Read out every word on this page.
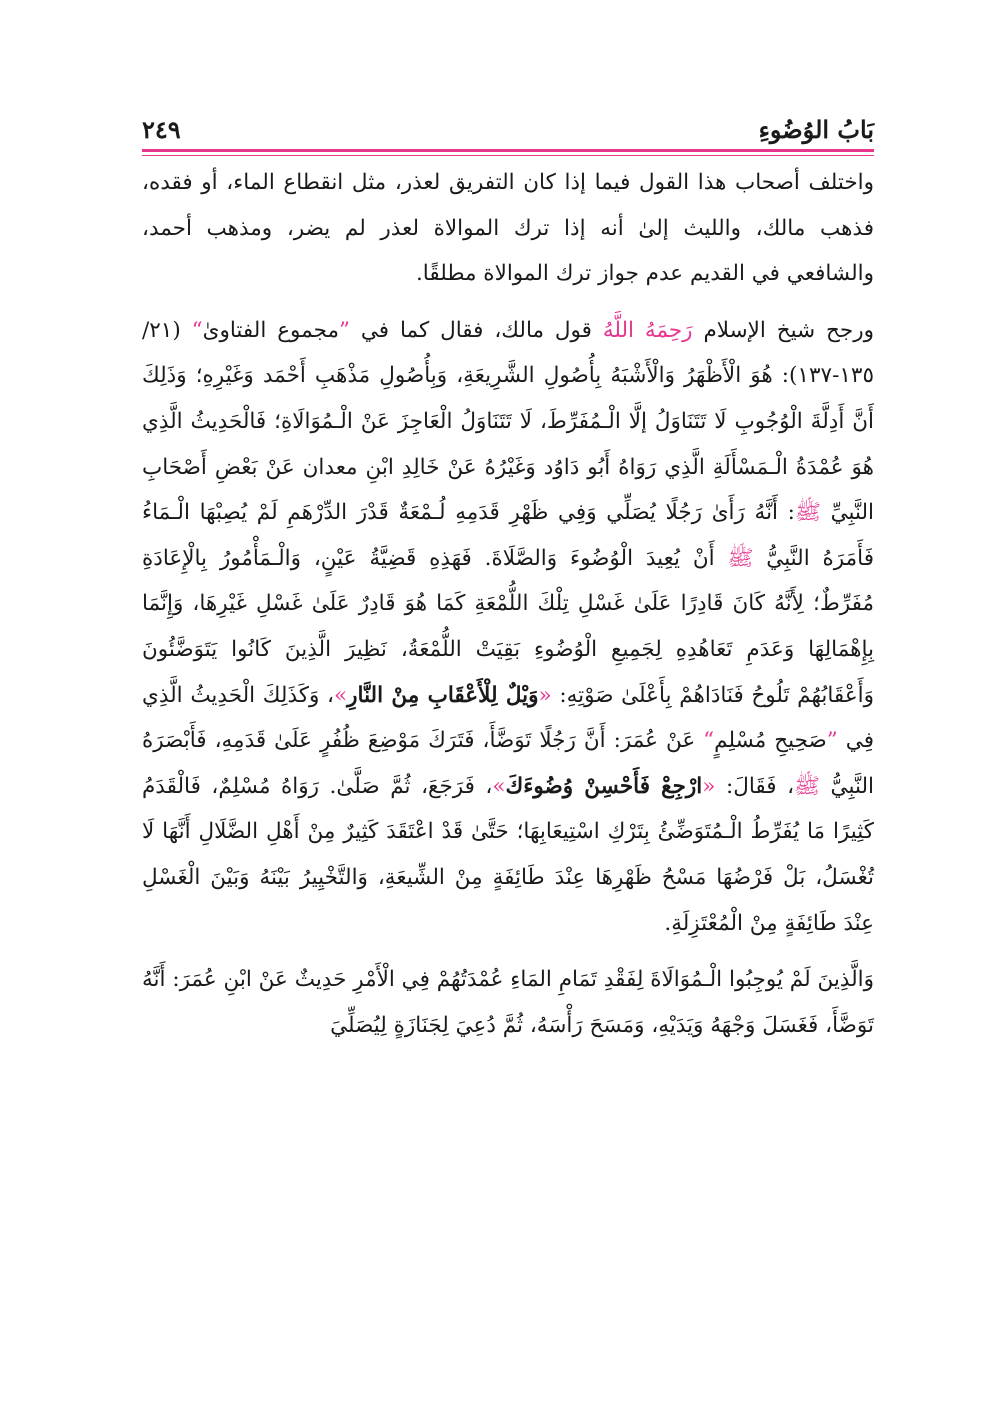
بَابُ الوُضُوءِ
٢٤٩

واختلف أصحاب هذا القول فيما إذا كان التفريق لعذر، مثل انقطاع الماء، أو فقده، فذهب مالك، والليث إلىٰ أنه إذا ترك الموالاة لعذر لم يضر، ومذهب أحمد، والشافعي في القديم عدم جواز ترك الموالاة مطلقًا.

ورجح شيخ الإسلام رَحِمَهُ اللَّهُ قول مالك، فقال كما في ”مجموع الفتاوىٰ“ (٢١/ ١٣٥-١٣٧): هُوَ الْأَظْهَرُ وَالْأَشْبَهُ بِأُصُولِ الشَّرِيعَةِ، وَبِأُصُولِ مَذْهَبِ أَحْمَد وَغَيْرِهِ؛ وَذَلِكَ أَنَّ أَدِلَّةَ الْوُجُوبِ لَا تَتَنَاوَلُ إلَّا الْـمُفَرِّطَ، لَا تَتَنَاوَلُ الْعَاجِزَ عَنْ الْـمُوَالَاةِ؛ فَالْحَدِيثُ الَّذِي هُوَ عُمْدَةُ الْـمَسْأَلَةِ الَّذِي رَوَاهُ أَبُو دَاوُد وَغَيْرُهُ عَنْ خَالِدِ ابْنِ معدان عَنْ بَعْضِ أَصْحَابِ النَّبِيِّ ﷺ: أَنَّهُ رَأَىٰ رَجُلًا يُصَلِّي وَفِي ظَهْرِ قَدَمِهِ لُـمْعَةٌ قَدْرَ الدِّرْهَمِ لَمْ يُصِبْهَا الْـمَاءُ فَأَمَرَهُ النَّبِيُّ ﷺ أَنْ يُعِيدَ الْوُضُوءَ وَالصَّلَاةَ. فَهَذِهِ قَضِيَّةُ عَيْنٍ، وَالْـمَأْمُورُ بِالْإِعَادَةِ مُفَرِّطٌ؛ لِأَنَّهُ كَانَ قَادِرًا عَلَىٰ غَسْلِ تِلْكَ اللُّمْعَةِ كَمَا هُوَ قَادِرٌ عَلَىٰ غَسْلِ غَيْرِهَا، وَإِنَّمَا بِإِهْمَالِهَا وَعَدَمِ تَعَاهُدِهِ لِجَمِيعِ الْوُضُوءِ بَقِيَتْ اللُّمْعَةُ، نَظِيرَ الَّذِينَ كَانُوا يَتَوَضَّئُونَ وَأَعْقَابُهُمْ تَلُوحُ فَنَادَاهُمْ بِأَعْلَىٰ صَوْتِهِ: «وَيْلٌ لِلْأَعْقَابِ مِنْ النَّارِ»، وَكَذَلِكَ الْحَدِيثُ الَّذِي فِي ”صَحِيحِ مُسْلِمٍ“ عَنْ عُمَرَ: أَنَّ رَجُلًا تَوَضَّأَ، فَتَرَكَ مَوْضِعَ ظُفُرٍ عَلَىٰ قَدَمِهِ، فَأَبْصَرَهُ النَّبِيُّ ﷺ، فَقَالَ: «ارْجِعْ فَأَحْسِنْ وُضُوءَكَ»، فَرَجَعَ، ثُمَّ صَلَّىٰ. رَوَاهُ مُسْلِمٌ، فَالْقَدَمُ كَثِيرًا مَا يُفَرِّطُ الْـمُتَوَضِّئُ بِتَرْكِ اسْتِيعَابِهَا؛ حَتَّىٰ قَدْ اعْتَقَدَ كَثِيرٌ مِنْ أَهْلِ الضَّلَالِ أَنَّهَا لَا تُغْسَلُ، بَلْ فَرْضُهَا مَسْحُ ظَهْرِهَا عِنْدَ طَائِفَةٍ مِنْ الشِّيعَةِ، وَالتَّخْيِيرُ بَيْنَهُ وَبَيْنَ الْغَسْلِ عِنْدَ طَائِفَةٍ مِنْ الْمُعْتَزِلَةِ.

وَالَّذِينَ لَمْ يُوجِبُوا الْـمُوَالَاةَ لِفَقْدِ تَمَامِ المَاءِ عُمْدَتُهُمْ فِي الْأَمْرِ حَدِيثٌ عَنْ ابْنِ عُمَرَ: أَنَّهُ تَوَضَّأَ، فَغَسَلَ وَجْهَهُ وَيَدَيْهِ، وَمَسَحَ رَأْسَهُ، ثُمَّ دُعِيَ لِجَنَازَةٍ لِيُصَلِّيَ
